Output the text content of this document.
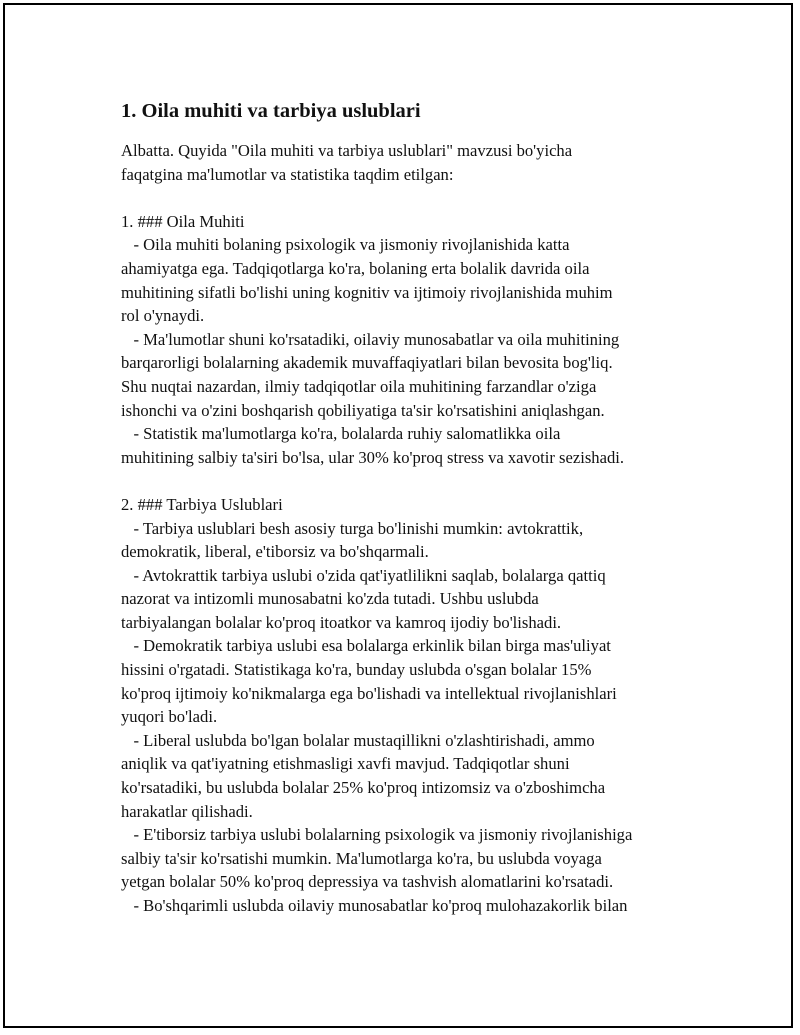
1. Oila muhiti va tarbiya uslublari
Albatta. Quyida "Oila muhiti va tarbiya uslublari" mavzusi bo'yicha
faqatgina ma'lumotlar va statistika taqdim etilgan:
1. ### Oila Muhiti
- Oila muhiti bolaning psixologik va jismoniy rivojlanishida katta
ahamiyatga ega. Tadqiqotlarga ko'ra, bolaning erta bolalik davrida oila
muhitining sifatli bo'lishi uning kognitiv va ijtimoiy rivojlanishida muhim
rol o'ynaydi.
- Ma'lumotlar shuni ko'rsatadiki, oilaviy munosabatlar va oila muhitining
barqarorligi bolalarning akademik muvaffaqiyatlari bilan bevosita bog'liq.
Shu nuqtai nazardan, ilmiy tadqiqotlar oila muhitining farzandlar o'ziga
ishonchi va o'zini boshqarish qobiliyatiga ta'sir ko'rsatishini aniqlashgan.
- Statistik ma'lumotlarga ko'ra, bolalarda ruhiy salomatlikka oila
muhitining salbiy ta'siri bo'lsa, ular 30% ko'proq stress va xavotir sezishadi.
2. ### Tarbiya Uslublari
- Tarbiya uslublari besh asosiy turga bo'linishi mumkin: avtokrattik,
demokratik, liberal, e'tiborsiz va bo'shqarmali.
- Avtokrattik tarbiya uslubi o'zida qat'iyatlilikni saqlab, bolalarga qattiq
nazorat va intizomli munosabatni ko'zda tutadi. Ushbu uslubda
tarbiyalangan bolalar ko'proq itoatkor va kamroq ijodiy bo'lishadi.
- Demokratik tarbiya uslubi esa bolalarga erkinlik bilan birga mas'uliyat
hissini o'rgatadi. Statistikaga ko'ra, bunday uslubda o'sgan bolalar 15%
ko'proq ijtimoiy ko'nikmalarga ega bo'lishadi va intellektual rivojlanishlari
yuqori bo'ladi.
- Liberal uslubda bo'lgan bolalar mustaqillikni o'zlashtirishadi, ammo
aniqlik va qat'iyatning etishmasligi xavfi mavjud. Tadqiqotlar shuni
ko'rsatadiki, bu uslubda bolalar 25% ko'proq intizomsiz va o'zboshimcha
harakatlar qilishadi.
- E'tiborsiz tarbiya uslubi bolalarning psixologik va jismoniy rivojlanishiga
salbiy ta'sir ko'rsatishi mumkin. Ma'lumotlarga ko'ra, bu uslubda voyaga
yetgan bolalar 50% ko'proq depressiya va tashvish alomatlarini ko'rsatadi.
- Bo'shqarimli uslubda oilaviy munosabatlar ko'proq mulohazakorlik bilan
